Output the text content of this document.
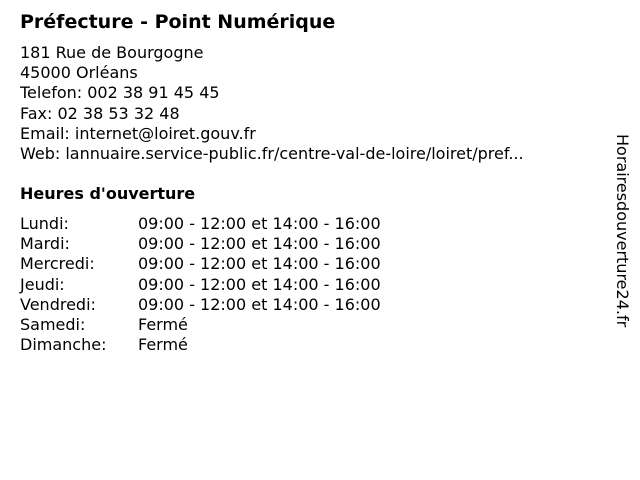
Préfecture - Point Numérique
181 Rue de Bourgogne
45000 Orléans
Telefon: 002 38 91 45 45
Fax: 02 38 53 32 48
Email: internet@loiret.gouv.fr
Web: lannuaire.service-public.fr/centre-val-de-loire/loiret/pref...
Heures d'ouverture
Lundi:	09:00 - 12:00 et 14:00 - 16:00
Mardi:	09:00 - 12:00 et 14:00 - 16:00
Mercredi:	09:00 - 12:00 et 14:00 - 16:00
Jeudi:	09:00 - 12:00 et 14:00 - 16:00
Vendredi:	09:00 - 12:00 et 14:00 - 16:00
Samedi:	Fermé
Dimanche: Fermé
Horairesdouverture24.fr
